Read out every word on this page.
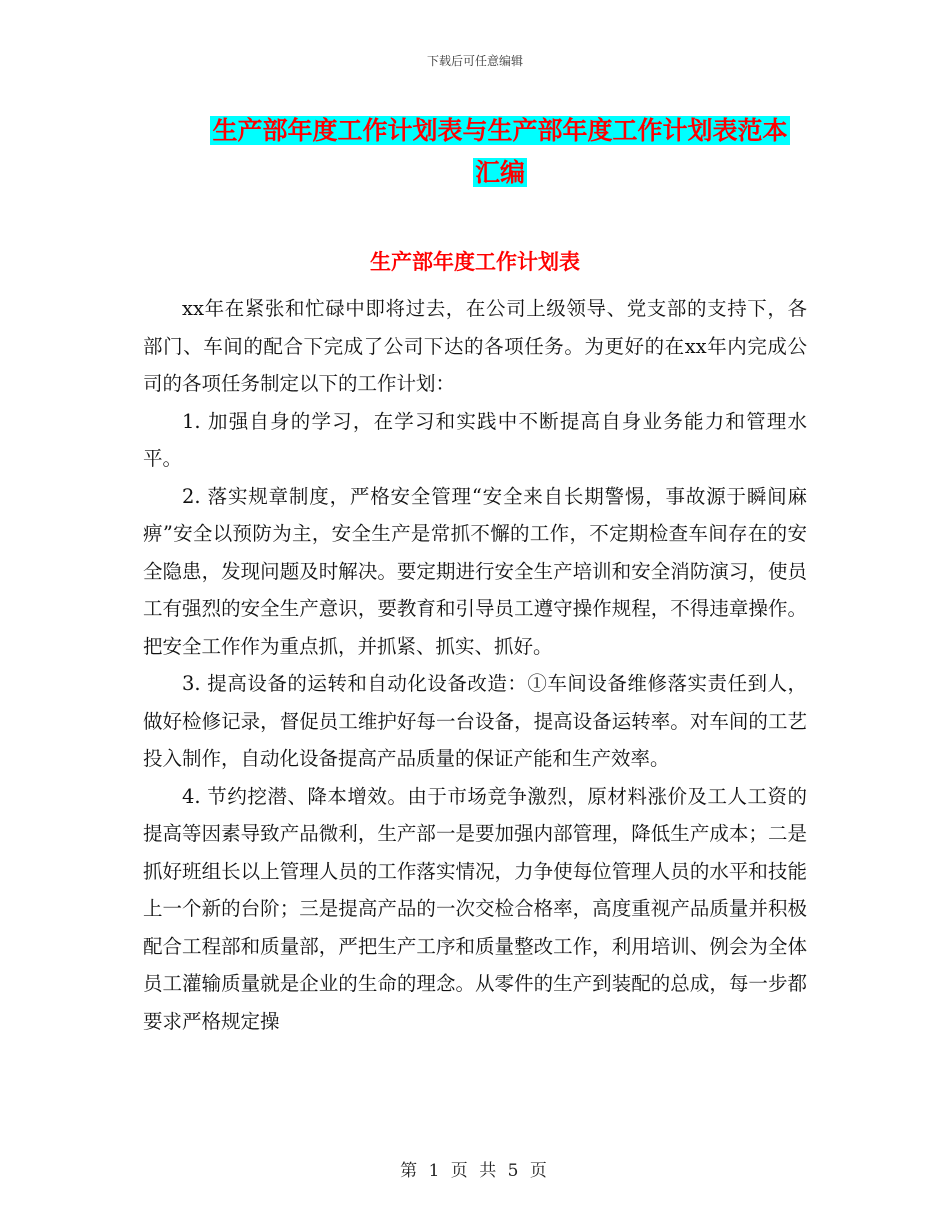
下载后可任意编辑
生产部年度工作计划表与生产部年度工作计划表范本
汇编
生产部年度工作计划表

xx年在紧张和忙碌中即将过去，在公司上级领导、党支部的支持下，各部门、车间的配合下完成了公司下达的各项任务。为更好的在xx年内完成公司的各项任务制定以下的工作计划：

1. 加强自身的学习，在学习和实践中不断提高自身业务能力和管理水平。

2. 落实规章制度，严格安全管理“安全来自长期警惕，事故源于瞬间麻痹”安全以预防为主，安全生产是常抓不懈的工作，不定期检查车间存在的安全隐患，发现问题及时解决。要定期进行安全生产培训和安全消防演习，使员工有强烈的安全生产意识，要教育和引导员工遵守操作规程，不得违章操作。把安全工作作为重点抓，并抓紧、抓实、抓好。

3. 提高设备的运转和自动化设备改造：①车间设备维修落实责任到人，做好检修记录，督促员工维护好每一台设备，提高设备运转率。对车间的工艺投入制作，自动化设备提高产品质量的保证产能和生产效率。

4. 节约挖潜、降本增效。由于市场竞争激烈，原材料涨价及工人工资的提高等因素导致产品微利，生产部一是要加强内部管理，降低生产成本；二是抓好班组长以上管理人员的工作落实情况，力争使每位管理人员的水平和技能上一个新的台阶；三是提高产品的一次交检合格率，高度重视产品质量并积极配合工程部和质量部，严把生产工序和质量整改工作，利用培训、例会为全体员工灌输质量就是企业的生命的理念。从零件的生产到装配的总成，每一步都要求严格规定操

第 1 页 共 5 页
